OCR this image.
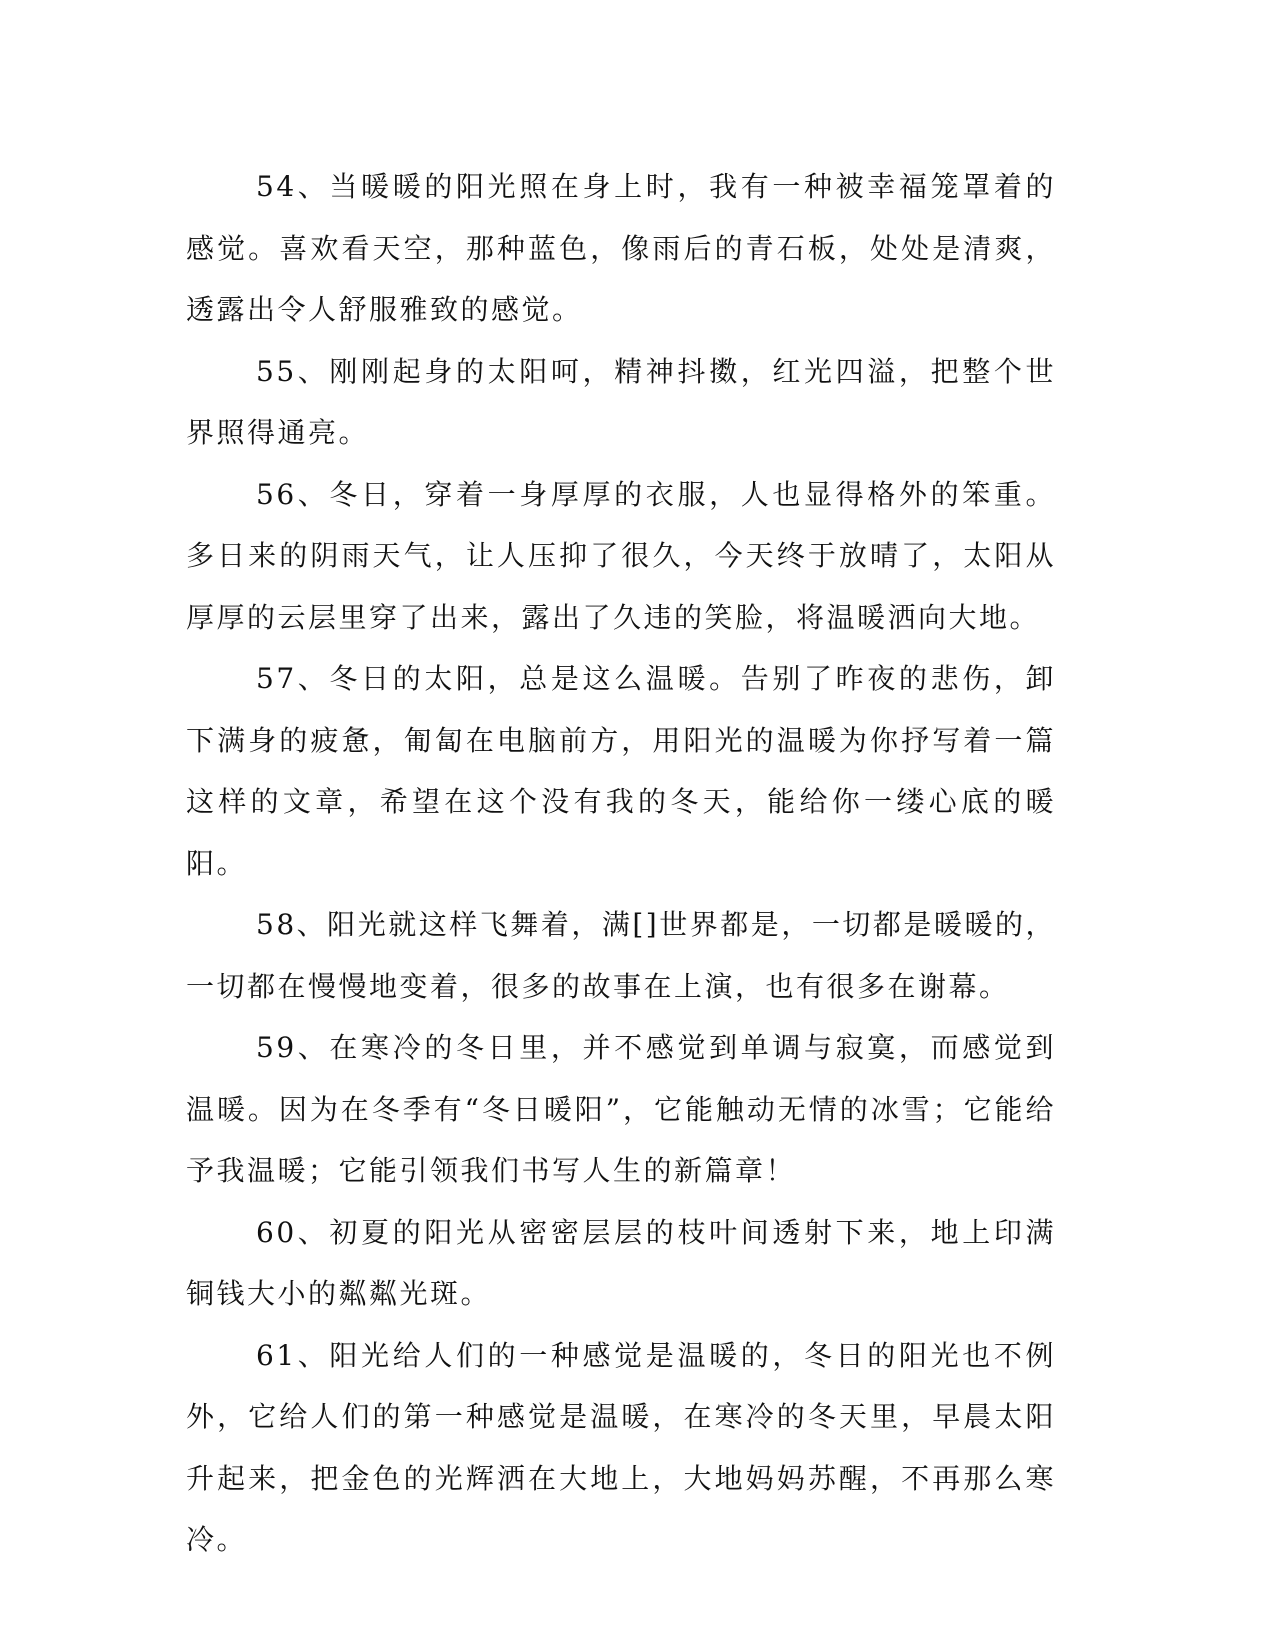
54、当暖暖的阳光照在身上时，我有一种被幸福笼罩着的感觉。喜欢看天空，那种蓝色，像雨后的青石板，处处是清爽，透露出令人舒服雅致的感觉。

55、刚刚起身的太阳呵，精神抖擞，红光四溢，把整个世界照得通亮。

56、冬日，穿着一身厚厚的衣服，人也显得格外的笨重。多日来的阴雨天气，让人压抑了很久，今天终于放晴了，太阳从厚厚的云层里穿了出来，露出了久违的笑脸，将温暖洒向大地。

57、冬日的太阳，总是这么温暖。告别了昨夜的悲伤，卸下满身的疲惫，匍匐在电脑前方，用阳光的温暖为你抒写着一篇这样的文章，希望在这个没有我的冬天，能给你一缕心底的暖阳。

58、阳光就这样飞舞着，满[]世界都是，一切都是暖暖的，一切都在慢慢地变着，很多的故事在上演，也有很多在谢幕。

59、在寒冷的冬日里，并不感觉到单调与寂寞，而感觉到温暖。因为在冬季有“冬日暖阳”，它能触动无情的冰雪；它能给予我温暖；它能引领我们书写人生的新篇章！

60、初夏的阳光从密密层层的枝叶间透射下来，地上印满铜钱大小的粼粼光斑。

61、阳光给人们的一种感觉是温暖的，冬日的阳光也不例外，它给人们的第一种感觉是温暖，在寒冷的冬天里，早晨太阳升起来，把金色的光辉洒在大地上，大地妈妈苏醒，不再那么寒冷。
